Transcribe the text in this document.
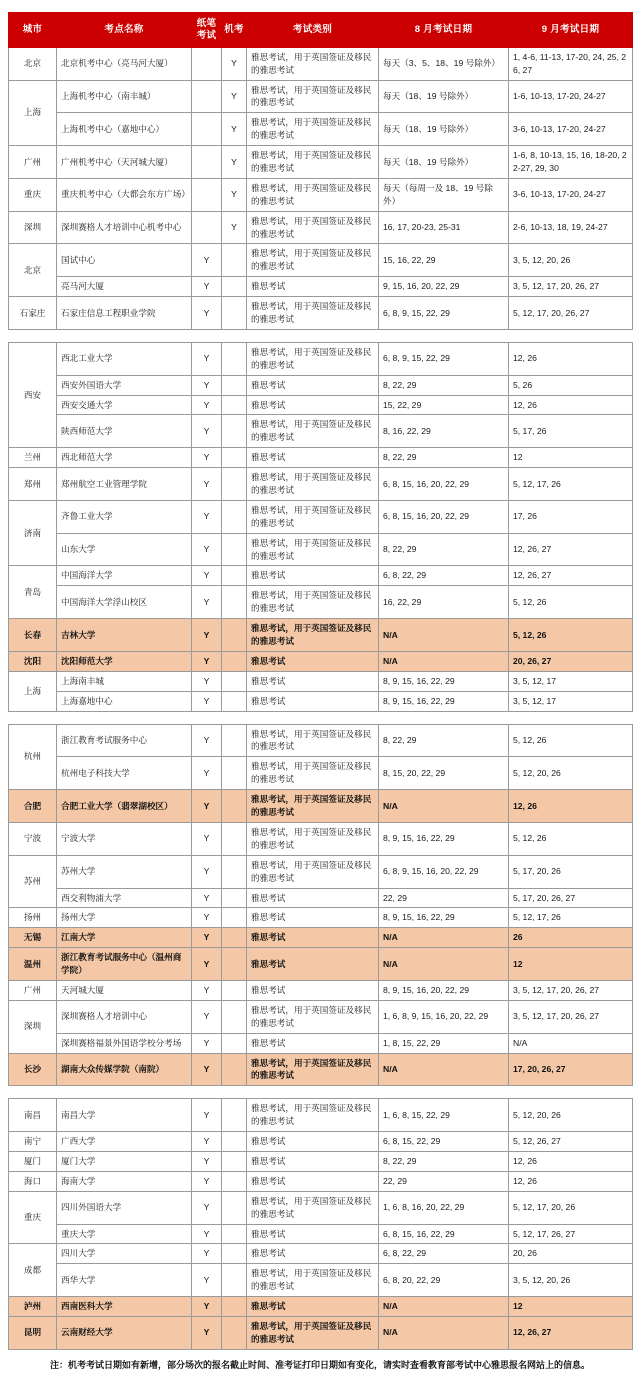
城市	考点名称	纸笔
考试	机考	考试类别	8 月考试日期	9 月考试日期
北京	北京机考中心（亮马河大厦）		Y	雅思考试，用于英国签证及移民的雅思考试	每天（3、5、18、19 号除外）	1, 4-6, 11-13, 17-20, 24, 25, 26, 27
上海	上海机考中心（南丰城）		Y	雅思考试，用于英国签证及移民的雅思考试	每天（18、19 号除外）	1-6, 10-13, 17-20, 24-27
	上海机考中心（嘉地中心）		Y	雅思考试，用于英国签证及移民的雅思考试	每天（18、19 号除外）	3-6, 10-13, 17-20, 24-27
广州	广州机考中心（天河城大厦）		Y	雅思考试，用于英国签证及移民的雅思考试	每天（18、19 号除外）	1-6, 8, 10-13, 15, 16, 18-20, 22-27, 29, 30
重庆	重庆机考中心（大都会东方广场）		Y	雅思考试，用于英国签证及移民的雅思考试	每天（每周一及 18、19 号除外）	3-6, 10-13, 17-20, 24-27
深圳	深圳赛格人才培训中心机考中心		Y	雅思考试，用于英国签证及移民的雅思考试	16, 17, 20-23, 25-31	2-6, 10-13, 18, 19, 24-27
北京	国试中心	Y		雅思考试，用于英国签证及移民的雅思考试	15, 16, 22, 29	3, 5, 12, 20, 26
	亮马河大厦	Y		雅思考试	9, 15, 16, 20, 22, 29	3, 5, 12, 17, 20, 26, 27
石家庄	石家庄信息工程职业学院	Y		雅思考试，用于英国签证及移民的雅思考试	6, 8, 9, 15, 22, 29	5, 12, 17, 20, 26, 27
西安	西北工业大学	Y		雅思考试，用于英国签证及移民的雅思考试	6, 8, 9, 15, 22, 29	12, 26
	西安外国语大学	Y		雅思考试	8, 22, 29	5, 26
	西安交通大学	Y		雅思考试	15, 22, 29	12, 26
	陕西师范大学	Y		雅思考试，用于英国签证及移民的雅思考试	8, 16, 22, 29	5, 17, 26
兰州	西北师范大学	Y		雅思考试	8, 22, 29	12
郑州	郑州航空工业管理学院	Y		雅思考试，用于英国签证及移民的雅思考试	6, 8, 15, 16, 20, 22, 29	5, 12, 17, 26
济南	齐鲁工业大学	Y		雅思考试，用于英国签证及移民的雅思考试	6, 8, 15, 16, 20, 22, 29	17, 26
	山东大学	Y		雅思考试，用于英国签证及移民的雅思考试	8, 22, 29	12, 26, 27
青岛	中国海洋大学	Y		雅思考试	6, 8, 22, 29	12, 26, 27
	中国海洋大学浮山校区	Y		雅思考试，用于英国签证及移民的雅思考试	16, 22, 29	5, 12, 26
长春	吉林大学	Y		雅思考试，用于英国签证及移民的雅思考试	N/A	5, 12, 26
沈阳	沈阳师范大学	Y		雅思考试	N/A	20, 26, 27
上海	上海南丰城	Y		雅思考试	8, 9, 15, 16, 22, 29	3, 5, 12, 17
	上海嘉地中心	Y		雅思考试	8, 9, 15, 16, 22, 29	3, 5, 12, 17
杭州	浙江教育考试服务中心	Y		雅思考试，用于英国签证及移民的雅思考试	8, 22, 29	5, 12, 26
	杭州电子科技大学	Y		雅思考试，用于英国签证及移民的雅思考试	8, 15, 20, 22, 29	5, 12, 20, 26
合肥	合肥工业大学（翡翠湖校区）	Y		雅思考试，用于英国签证及移民的雅思考试	N/A	12, 26
宁波	宁波大学	Y		雅思考试，用于英国签证及移民的雅思考试	8, 9, 15, 16, 22, 29	5, 12, 26
苏州	苏州大学	Y		雅思考试，用于英国签证及移民的雅思考试	6, 8, 9, 15, 16, 20, 22, 29	5, 17, 20, 26
	西交利物浦大学	Y		雅思考试	22, 29	5, 17, 20, 26, 27
扬州	扬州大学	Y		雅思考试	8, 9, 15, 16, 22, 29	5, 12, 17, 26
无锡	江南大学	Y		雅思考试	N/A	26
温州	浙江教育考试服务中心（温州商学院）	Y		雅思考试	N/A	12
广州	天河城大厦	Y		雅思考试	8, 9, 15, 16, 20, 22, 29	3, 5, 12, 17, 20, 26, 27
深圳	深圳赛格人才培训中心	Y		雅思考试，用于英国签证及移民的雅思考试	1, 6, 8, 9, 15, 16, 20, 22, 29	3, 5, 12, 17, 20, 26, 27
	深圳赛格福景外国语学校分考场	Y		雅思考试	1, 8, 15, 22, 29	N/A
长沙	湖南大众传媒学院（南院）	Y		雅思考试，用于英国签证及移民的雅思考试	N/A	17, 20, 26, 27
南昌	南昌大学	Y		雅思考试，用于英国签证及移民的雅思考试	1, 6, 8, 15, 22, 29	5, 12, 20, 26
南宁	广西大学	Y		雅思考试	6, 8, 15, 22, 29	5, 12, 26, 27
厦门	厦门大学	Y		雅思考试	8, 22, 29	12, 26
海口	海南大学	Y		雅思考试	22, 29	12, 26
重庆	四川外国语大学	Y		雅思考试，用于英国签证及移民的雅思考试	1, 6, 8, 16, 20, 22, 29	5, 12, 17, 20, 26
	重庆大学	Y		雅思考试	6, 8, 15, 16, 22, 29	5, 12, 17, 26, 27
成都	四川大学	Y		雅思考试	6, 8, 22, 29	20, 26
	西华大学	Y		雅思考试，用于英国签证及移民的雅思考试	6, 8, 20, 22, 29	3, 5, 12, 20, 26
泸州	西南医科大学	Y		雅思考试	N/A	12
昆明	云南财经大学	Y		雅思考试，用于英国签证及移民的雅思考试	N/A	12, 26, 27
注：机考考试日期如有新增，部分场次的报名截止时间、准考证打印日期如有变化，请实时查看教育部考试中心雅思报名网站上的信息。
